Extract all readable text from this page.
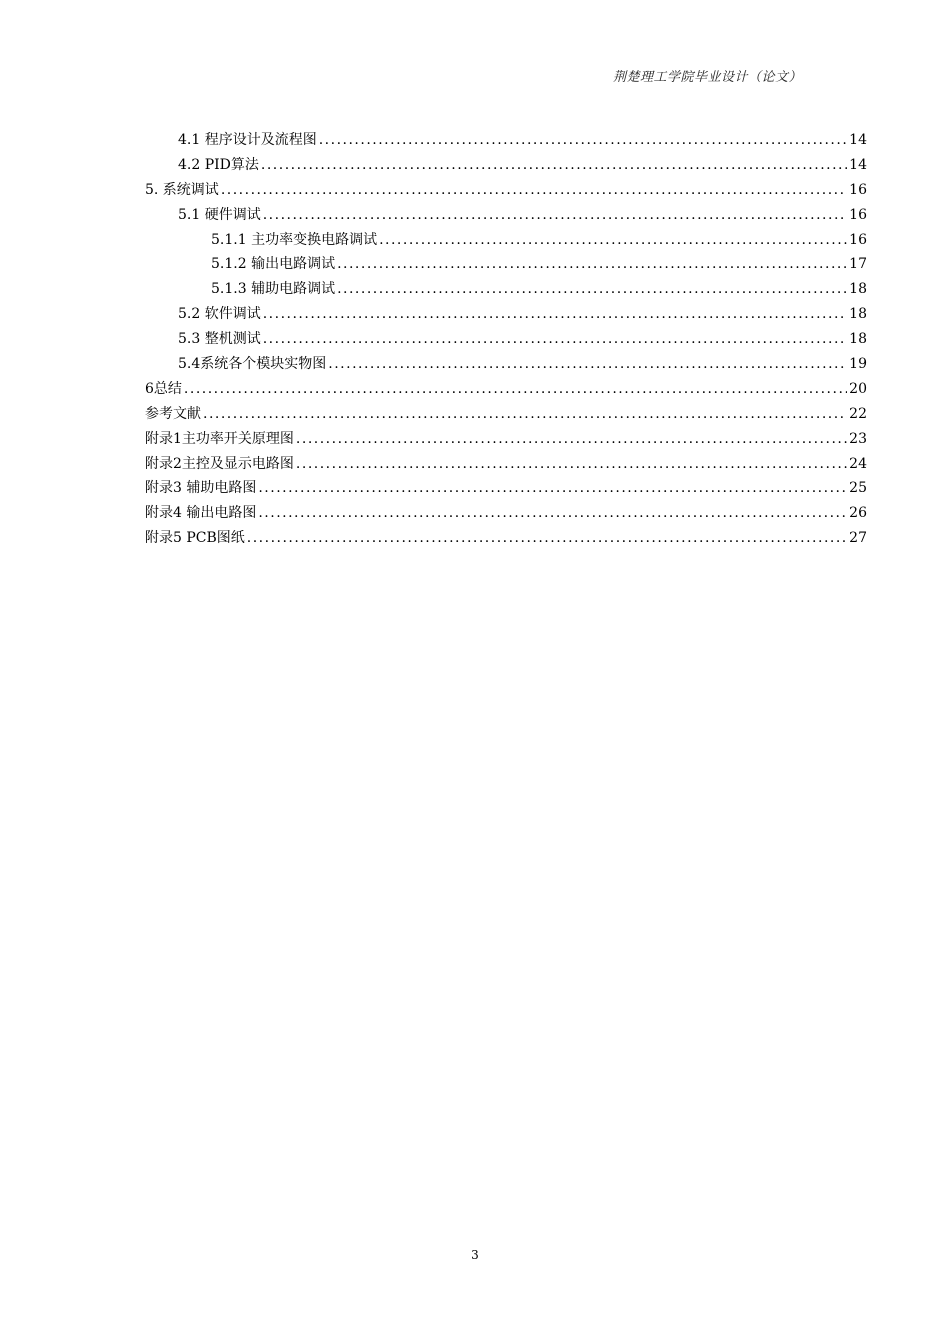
荆楚理工学院毕业设计（论文）
4.1 程序设计及流程图 .....	14
4.2 PID算法 .....	14
5. 系统调试 .....	16
5.1 硬件调试 .....	16
5.1.1 主功率变换电路调试 .....	16
5.1.2 输出电路调试 .....	17
5.1.3 辅助电路调试 .....	18
5.2 软件调试 .....	18
5.3 整机测试 .....	18
5.4系统各个模块实物图 .....	19
6总结 .....	20
参考文献 .....	22
附录1主功率开关原理图 .....	23
附录2主控及显示电路图 .....	24
附录3 辅助电路图 .....	25
附录4 输出电路图 .....	26
附录5 PCB图纸 .....	27
3
